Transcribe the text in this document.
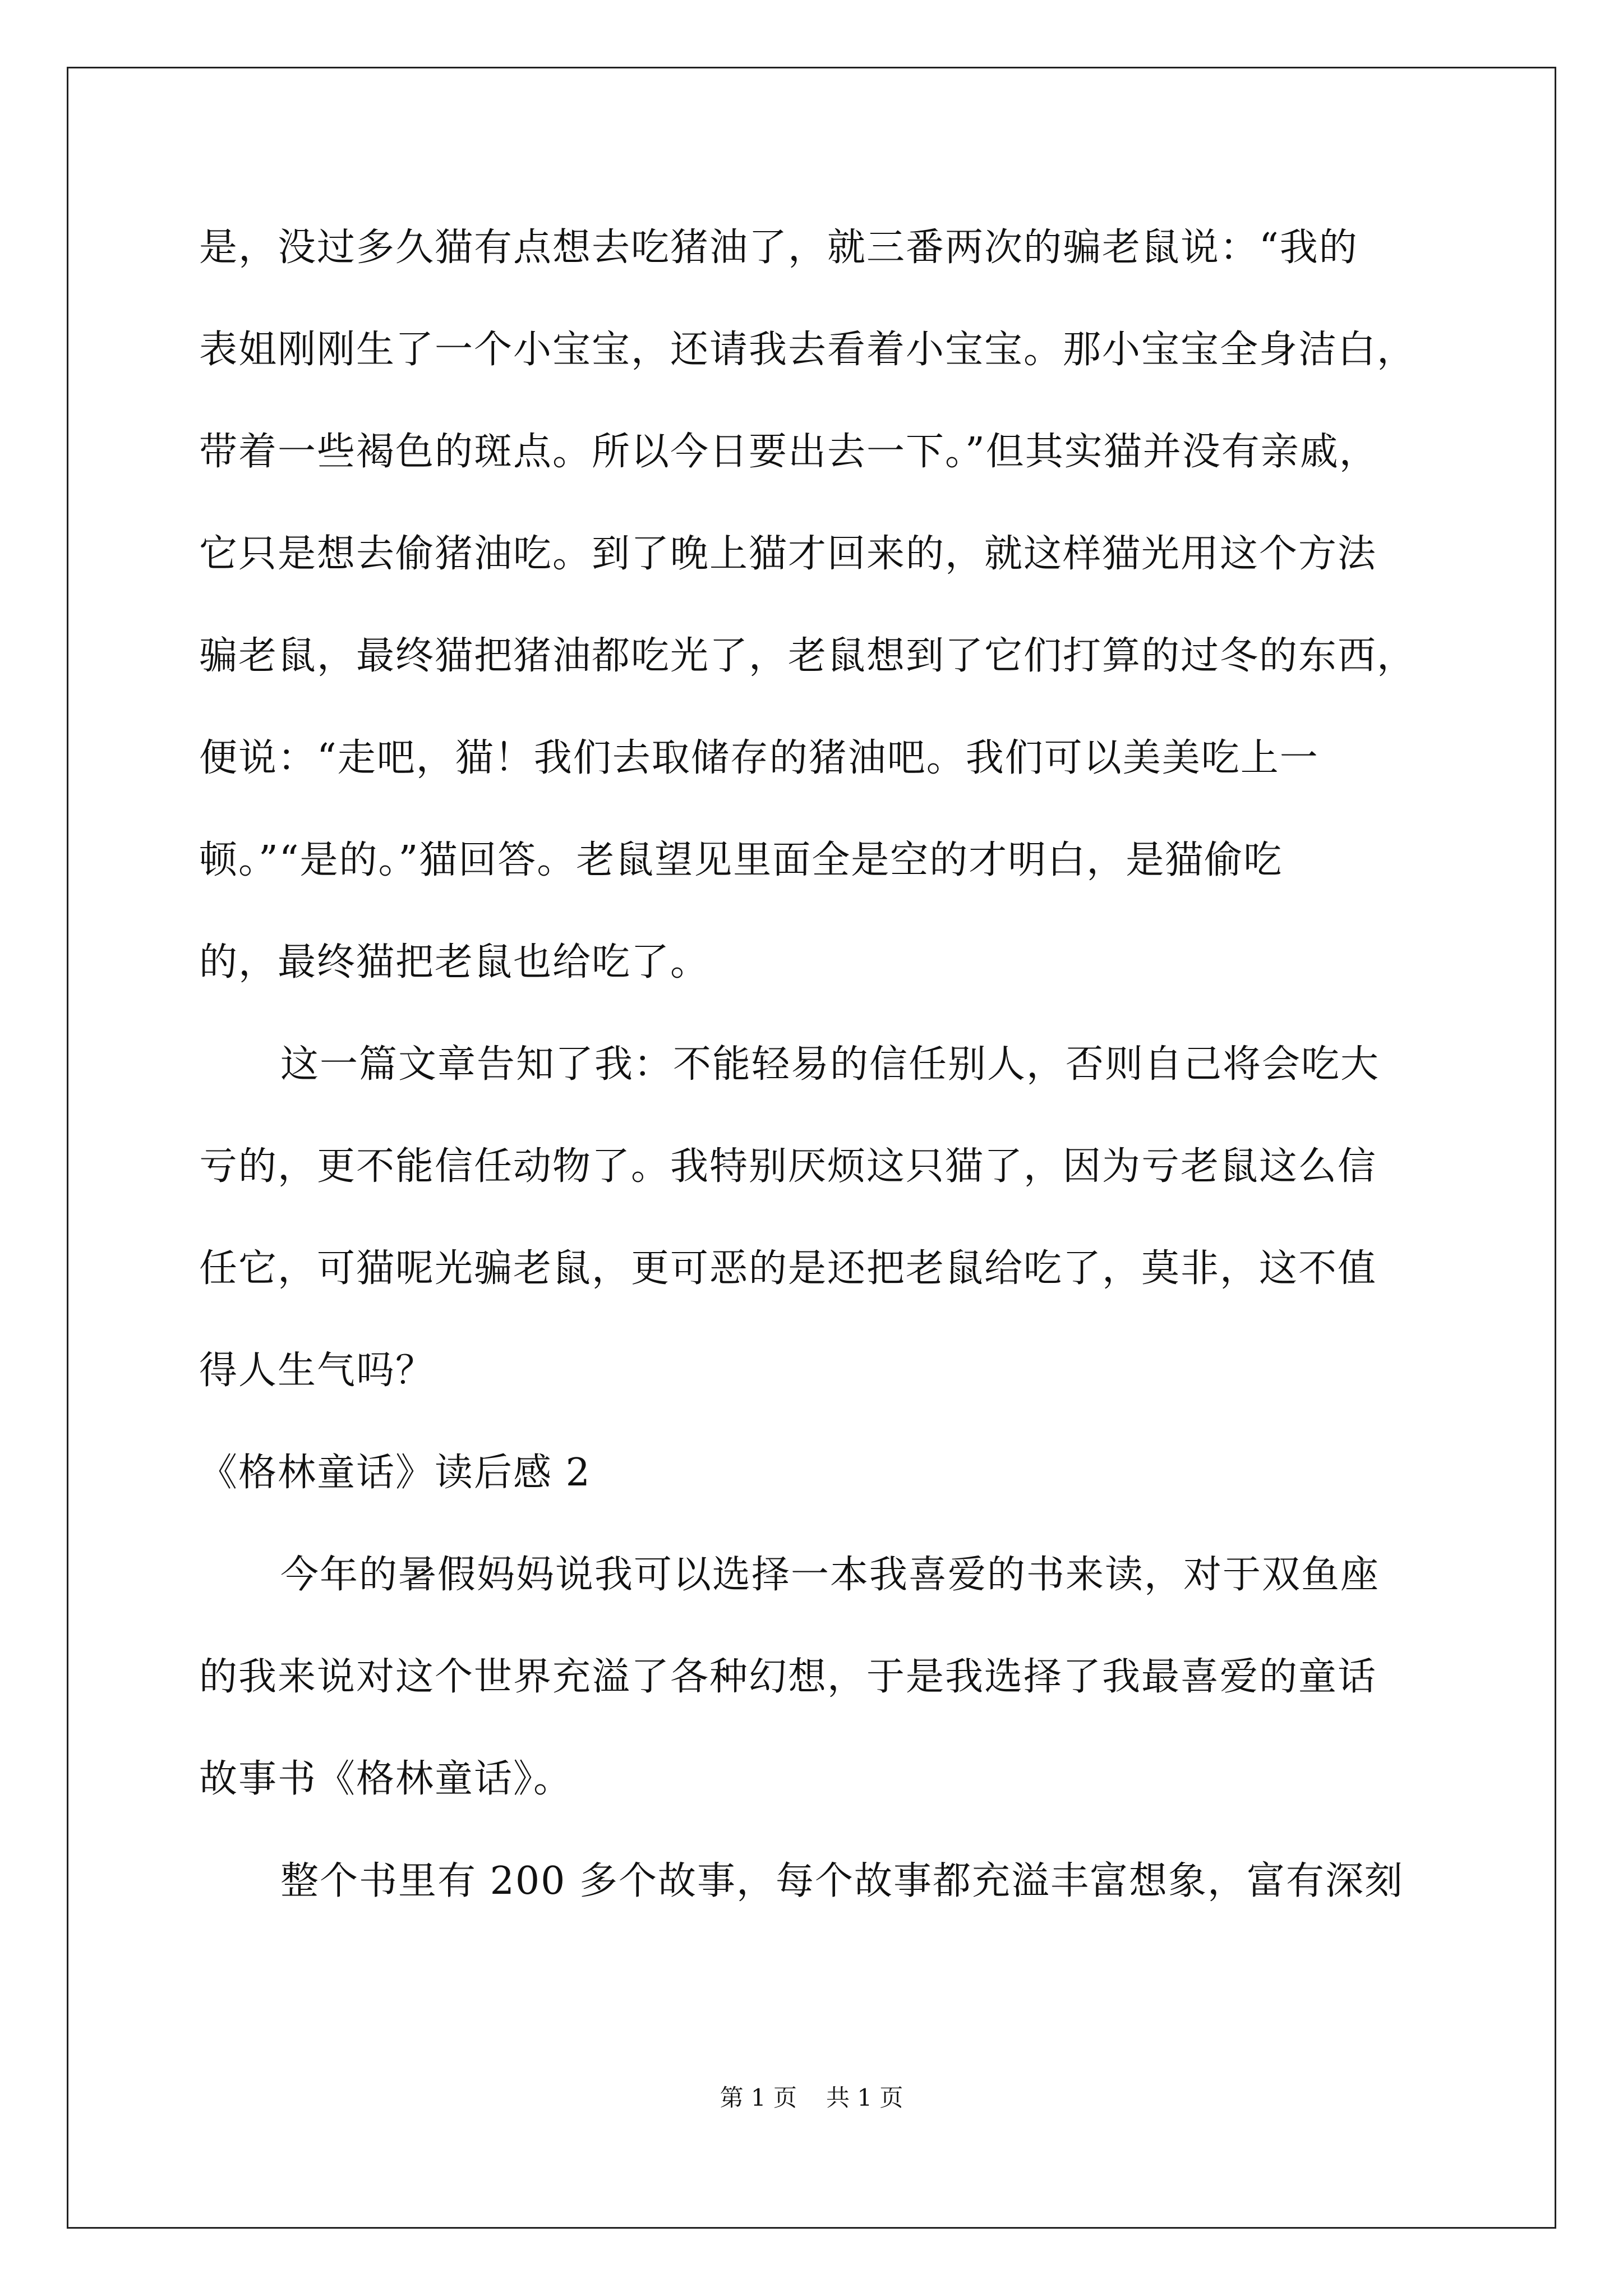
是，没过多久猫有点想去吃猪油了，就三番两次的骗老鼠说：“我的
表姐刚刚生了一个小宝宝，还请我去看着小宝宝。那小宝宝全身洁白，
带着一些褐色的斑点。所以今日要出去一下。”但其实猫并没有亲戚，
它只是想去偷猪油吃。到了晚上猫才回来的，就这样猫光用这个方法
骗老鼠，最终猫把猪油都吃光了，老鼠想到了它们打算的过冬的东西，
便说：“走吧，猫！我们去取储存的猪油吧。我们可以美美吃上一
顿。”“是的。”猫回答。老鼠望见里面全是空的才明白，是猫偷吃
的，最终猫把老鼠也给吃了。
这一篇文章告知了我：不能轻易的信任别人，否则自己将会吃大
亏的，更不能信任动物了。我特别厌烦这只猫了，因为亏老鼠这么信
任它，可猫呢光骗老鼠，更可恶的是还把老鼠给吃了，莫非，这不值
得人生气吗？
《格林童话》读后感 2
今年的暑假妈妈说我可以选择一本我喜爱的书来读，对于双鱼座
的我来说对这个世界充溢了各种幻想，于是我选择了我最喜爱的童话
故事书《格林童话》。
整个书里有 200 多个故事，每个故事都充溢丰富想象，富有深刻
第 1 页 共 1 页
